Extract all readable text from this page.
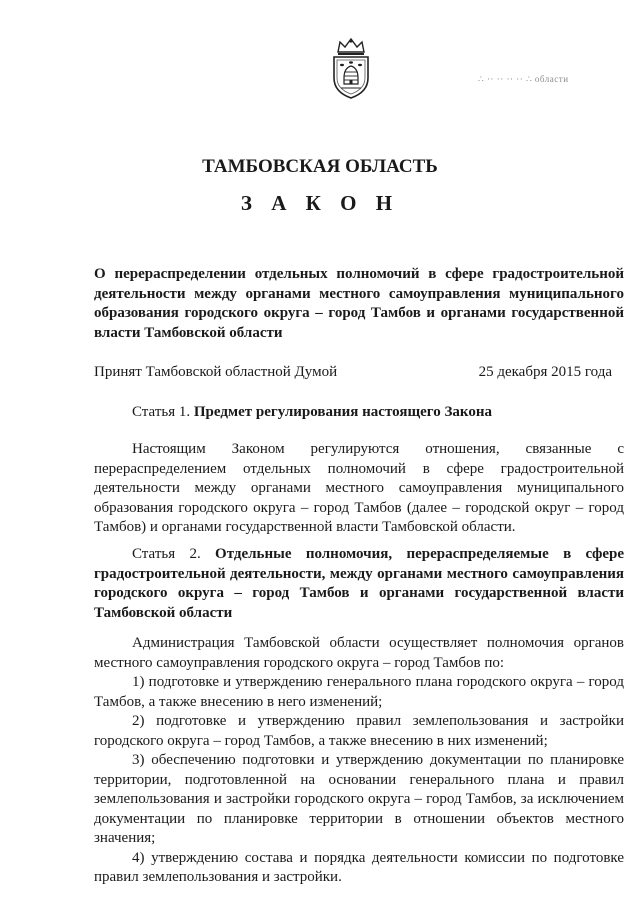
∴ ·· ·· ·· ·· ∴ области
ТАМБОВСКАЯ ОБЛАСТЬ
З А К О Н

О перераспределении отдельных полномочий в сфере градостроительной деятельности между органами местного самоуправления муниципального образования городского округа – город Тамбов и органами государственной власти Тамбовской области

Принят Тамбовской областной Думой	25 декабря 2015 года

Статья 1. Предмет регулирования настоящего Закона

Настоящим Законом регулируются отношения, связанные с перераспределением отдельных полномочий в сфере градостроительной деятельности между органами местного самоуправления муниципального образования городского округа – город Тамбов (далее – городской округ – город Тамбов) и органами государственной власти Тамбовской области.

Статья 2. Отдельные полномочия, перераспределяемые в сфере градостроительной деятельности, между органами местного самоуправления городского округа – город Тамбов и органами государственной власти Тамбовской области

Администрация Тамбовской области осуществляет полномочия органов местного самоуправления городского округа – город Тамбов по:

1) подготовке и утверждению генерального плана городского округа – город Тамбов, а также внесению в него изменений;

2) подготовке и утверждению правил землепользования и застройки городского округа – город Тамбов, а также внесению в них изменений;

3) обеспечению подготовки и утверждению документации по планировке территории, подготовленной на основании генерального плана и правил землепользования и застройки городского округа – город Тамбов, за исключением документации по планировке территории в отношении объектов местного значения;

4) утверждению состава и порядка деятельности комиссии по подготовке правил землепользования и застройки.
